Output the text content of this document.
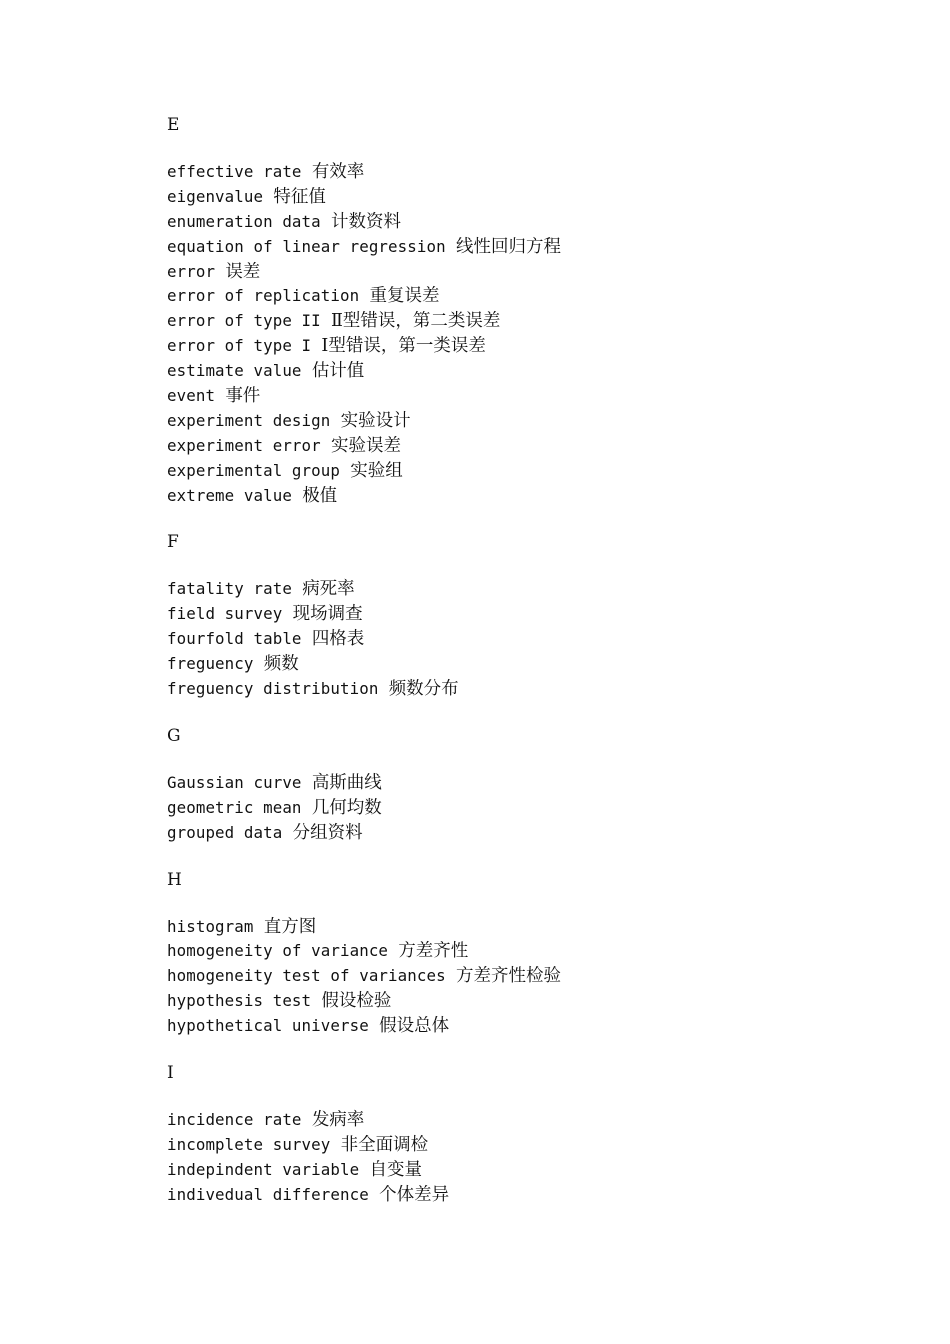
E
effective rate 有效率
eigenvalue 特征值
enumeration data 计数资料
equation of linear regression 线性回归方程
error 误差
error of replication 重复误差
error of type II Ⅱ型错误，第二类误差
error of type I Ⅰ型错误，第一类误差
estimate value 估计值
event 事件
experiment design 实验设计
experiment error 实验误差
experimental group 实验组
extreme value 极值
F
fatality rate 病死率
field survey 现场调查
fourfold table 四格表
freguency 频数
freguency distribution 频数分布
G
Gaussian curve 高斯曲线
geometric mean 几何均数
grouped data 分组资料
H
histogram 直方图
homogeneity of variance 方差齐性
homogeneity test of variances 方差齐性检验
hypothesis test 假设检验
hypothetical universe 假设总体
I
incidence rate 发病率
incomplete survey 非全面调检
indepindent variable 自变量
indivedual difference 个体差异
